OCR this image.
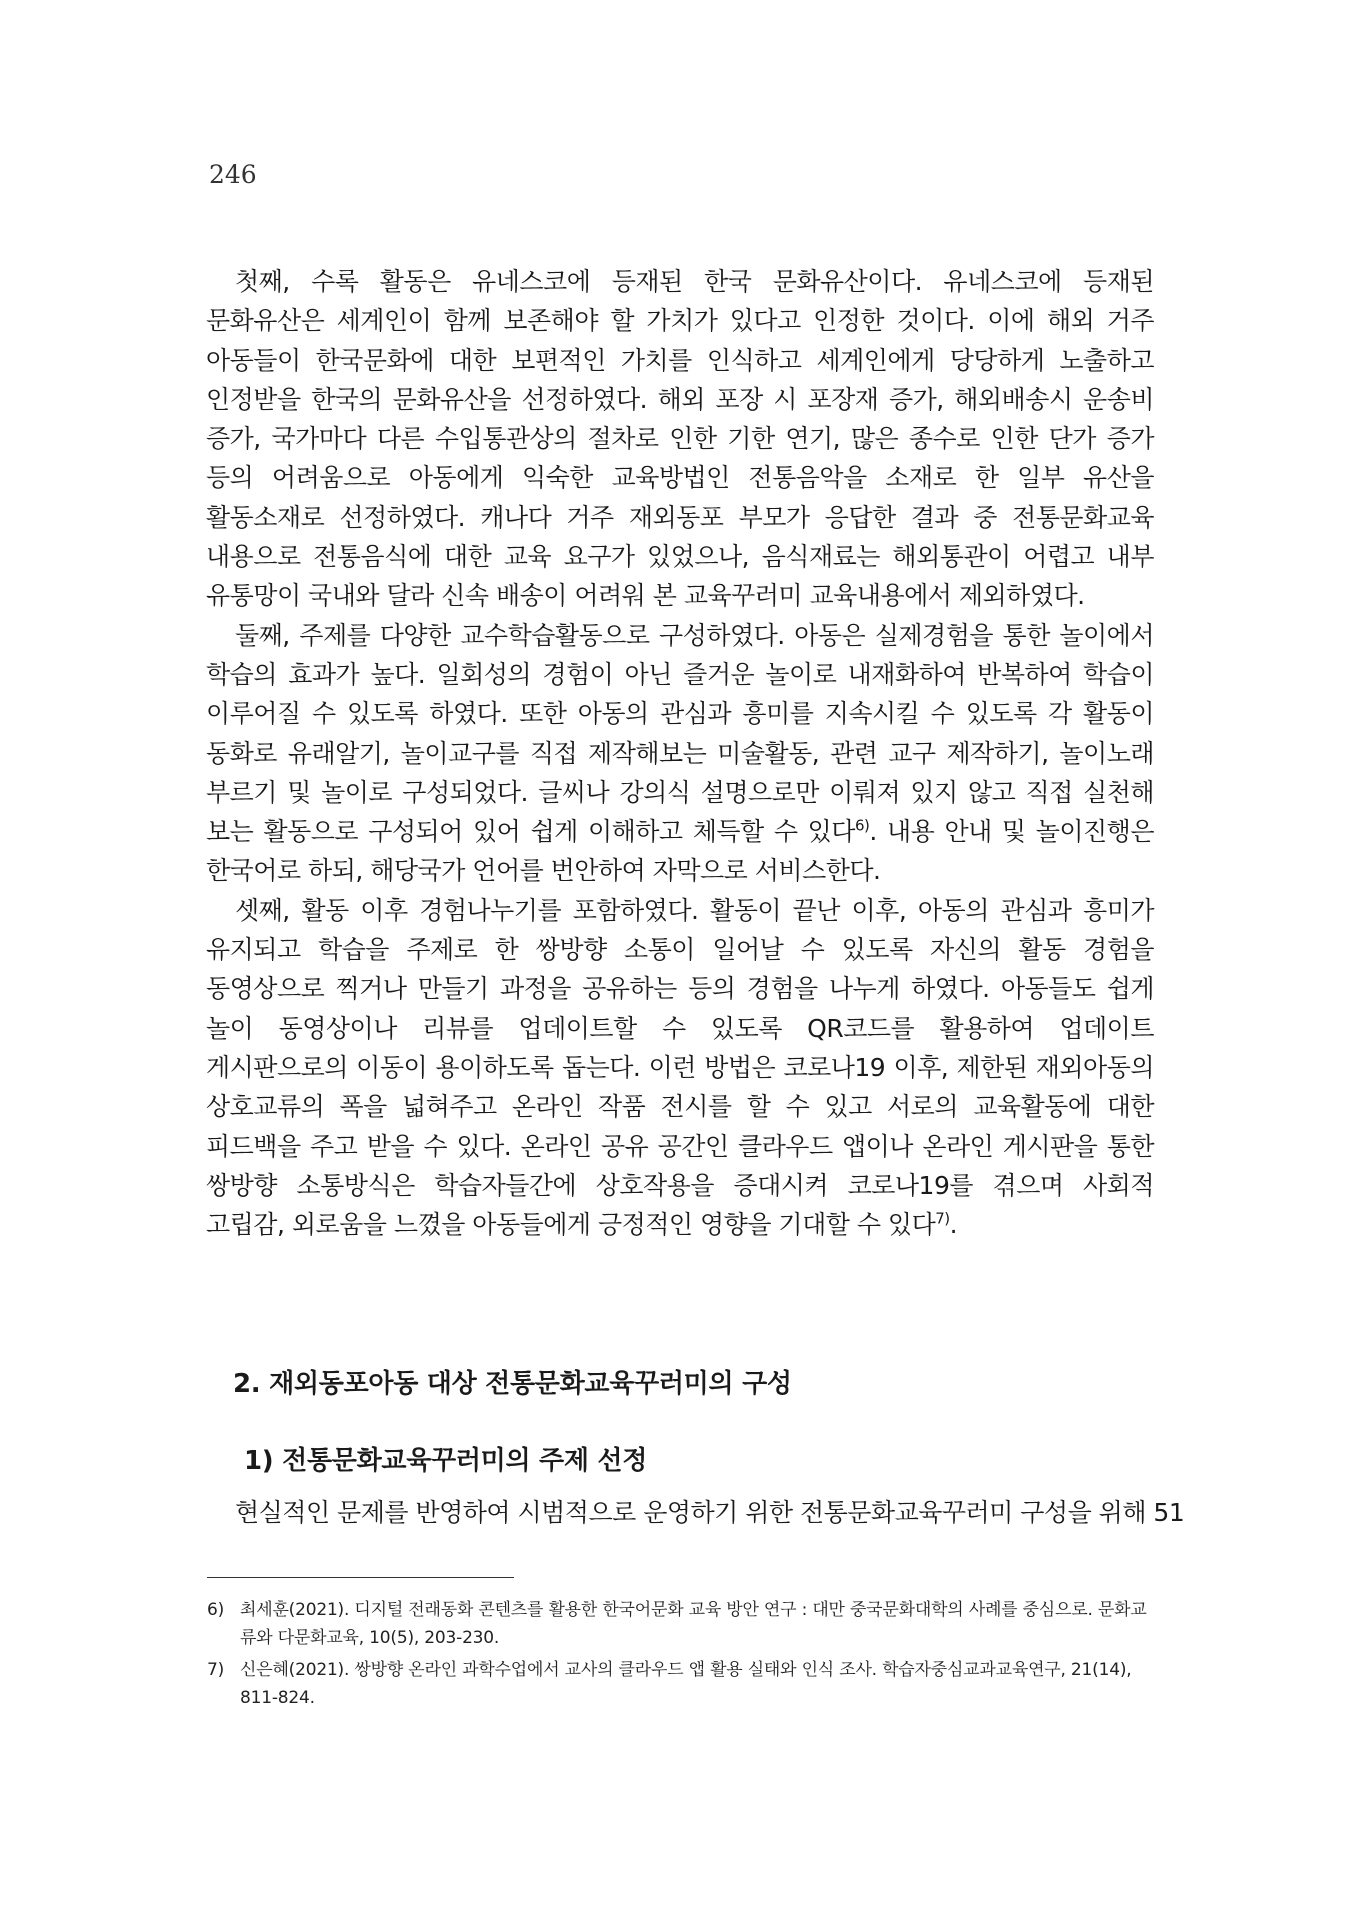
246

첫째, 수록 활동은 유네스코에 등재된 한국 문화유산이다. 유네스코에 등재된 문화유산은 세계인이 함께 보존해야 할 가치가 있다고 인정한 것이다. 이에 해외 거주 아동들이 한국문화에 대한 보편적인 가치를 인식하고 세계인에게 당당하게 노출하고 인정받을 한국의 문화유산을 선정하였다. 해외 포장 시 포장재 증가, 해외배송시 운송비 증가, 국가마다 다른 수입통관상의 절차로 인한 기한 연기, 많은 종수로 인한 단가 증가 등의 어려움으로 아동에게 익숙한 교육방법인 전통음악을 소재로 한 일부 유산을 활동소재로 선정하였다. 캐나다 거주 재외동포 부모가 응답한 결과 중 전통문화교육 내용으로 전통음식에 대한 교육 요구가 있었으나, 음식재료는 해외통관이 어렵고 내부 유통망이 국내와 달라 신속 배송이 어려워 본 교육꾸러미 교육내용에서 제외하였다.

둘째, 주제를 다양한 교수학습활동으로 구성하였다. 아동은 실제경험을 통한 놀이에서 학습의 효과가 높다. 일회성의 경험이 아닌 즐거운 놀이로 내재화하여 반복하여 학습이 이루어질 수 있도록 하였다. 또한 아동의 관심과 흥미를 지속시킬 수 있도록 각 활동이 동화로 유래알기, 놀이교구를 직접 제작해보는 미술활동, 관련 교구 제작하기, 놀이노래 부르기 및 놀이로 구성되었다. 글씨나 강의식 설명으로만 이뤄져 있지 않고 직접 실천해 보는 활동으로 구성되어 있어 쉽게 이해하고 체득할 수 있다$^{6)}$. 내용 안내 및 놀이진행은 한국어로 하되, 해당국가 언어를 번안하여 자막으로 서비스한다.

셋째, 활동 이후 경험나누기를 포함하였다. 활동이 끝난 이후, 아동의 관심과 흥미가 유지되고 학습을 주제로 한 쌍방향 소통이 일어날 수 있도록 자신의 활동 경험을 동영상으로 찍거나 만들기 과정을 공유하는 등의 경험을 나누게 하였다. 아동들도 쉽게 놀이 동영상이나 리뷰를 업데이트할 수 있도록 QR코드를 활용하여 업데이트 게시판으로의 이동이 용이하도록 돕는다. 이런 방법은 코로나19 이후, 제한된 재외아동의 상호교류의 폭을 넓혀주고 온라인 작품 전시를 할 수 있고 서로의 교육활동에 대한 피드백을 주고 받을 수 있다. 온라인 공유 공간인 클라우드 앱이나 온라인 게시판을 통한 쌍방향 소통방식은 학습자들간에 상호작용을 증대시켜 코로나19를 겪으며 사회적 고립감, 외로움을 느꼈을 아동들에게 긍정적인 영향을 기대할 수 있다$^{7)}$.

2. 재외동포아동 대상 전통문화교육꾸러미의 구성
1) 전통문화교육꾸러미의 주제 선정

현실적인 문제를 반영하여 시범적으로 운영하기 위한 전통문화교육꾸러미 구성을 위해 51

6) 최세훈(2021). 디지털 전래동화 콘텐츠를 활용한 한국어문화 교육 방안 연구 : 대만 중국문화대학의 사례를 중심으로. 문화교류와 다문화교육, 10(5), 203-230.
7) 신은혜(2021). 쌍방향 온라인 과학수업에서 교사의 클라우드 앱 활용 실태와 인식 조사. 학습자중심교과교육연구, 21(14), 811-824.
